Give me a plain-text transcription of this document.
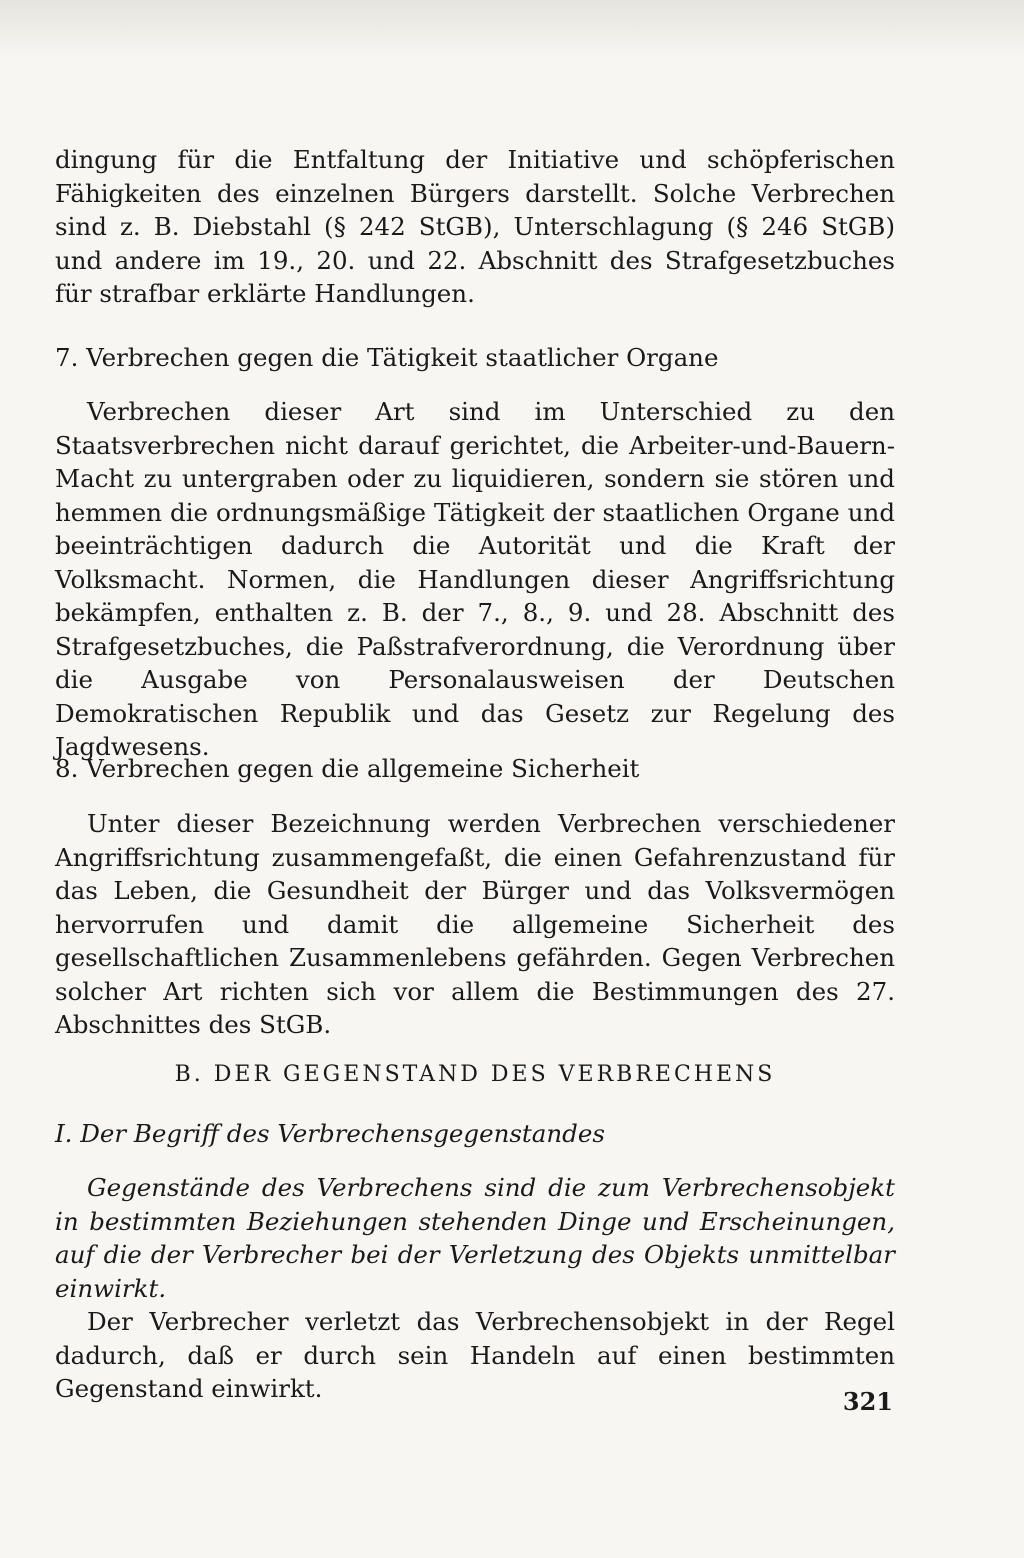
dingung für die Entfaltung der Initiative und schöpferischen Fähigkeiten des einzelnen Bürgers darstellt. Solche Verbrechen sind z. B. Diebstahl (§ 242 StGB), Unterschlagung (§ 246 StGB) und andere im 19., 20. und 22. Abschnitt des Strafgesetzbuches für strafbar erklärte Handlungen.

7. Verbrechen gegen die Tätigkeit staatlicher Organe

Verbrechen dieser Art sind im Unterschied zu den Staatsverbrechen nicht darauf gerichtet, die Arbeiter-und-Bauern-Macht zu untergraben oder zu liquidieren, sondern sie stören und hemmen die ordnungsmäßige Tätigkeit der staatlichen Organe und beeinträchtigen dadurch die Autorität und die Kraft der Volksmacht. Normen, die Handlungen dieser Angriffsrichtung bekämpfen, enthalten z. B. der 7., 8., 9. und 28. Abschnitt des Strafgesetzbuches, die Paßstrafverordnung, die Verordnung über die Ausgabe von Personalausweisen der Deutschen Demokratischen Republik und das Gesetz zur Regelung des Jagdwesens.

8. Verbrechen gegen die allgemeine Sicherheit

Unter dieser Bezeichnung werden Verbrechen verschiedener Angriffsrichtung zusammengefaßt, die einen Gefahrenzustand für das Leben, die Gesundheit der Bürger und das Volksvermögen hervorrufen und damit die allgemeine Sicherheit des gesellschaftlichen Zusammenlebens gefährden. Gegen Verbrechen solcher Art richten sich vor allem die Bestimmungen des 27. Abschnittes des StGB.

B. DER GEGENSTAND DES VERBRECHENS

I. Der Begriff des Verbrechensgegenstandes

Gegenstände des Verbrechens sind die zum Verbrechensobjekt in bestimmten Beziehungen stehenden Dinge und Erscheinungen, auf die der Verbrecher bei der Verletzung des Objekts unmittelbar einwirkt.

Der Verbrecher verletzt das Verbrechensobjekt in der Regel dadurch, daß er durch sein Handeln auf einen bestimmten Gegenstand einwirkt.	321
